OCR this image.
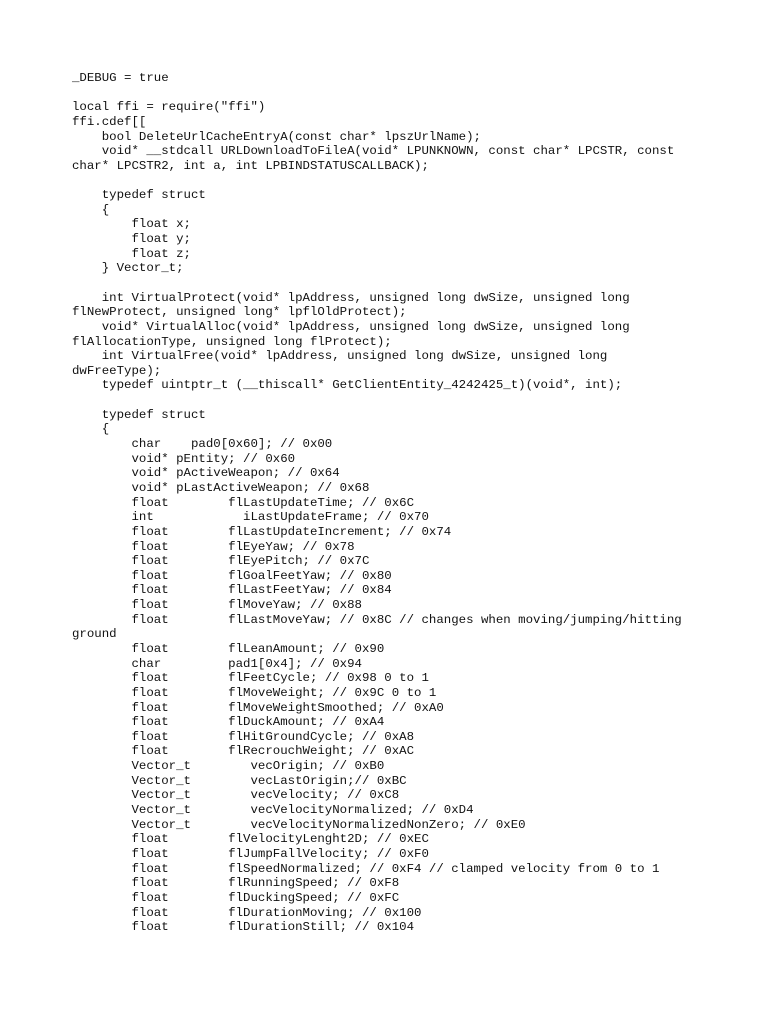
_DEBUG = true
local ffi = require("ffi")
ffi.cdef[[
bool DeleteUrlCacheEntryA(const char* lpszUrlName);
void* __stdcall URLDownloadToFileA(void* LPUNKNOWN, const char* LPCSTR, const
char* LPCSTR2, int a, int LPBINDSTATUSCALLBACK);
typedef struct
{
float x;
float y;
float z;
} Vector_t;
int VirtualProtect(void* lpAddress, unsigned long dwSize, unsigned long
flNewProtect, unsigned long* lpflOldProtect);
void* VirtualAlloc(void* lpAddress, unsigned long dwSize, unsigned long
flAllocationType, unsigned long flProtect);
int VirtualFree(void* lpAddress, unsigned long dwSize, unsigned long
dwFreeType);
typedef uintptr_t (__thiscall* GetClientEntity_4242425_t)(void*, int);
typedef struct
{
char    pad0[0x60]; // 0x00
void* pEntity; // 0x60
void* pActiveWeapon; // 0x64
void* pLastActiveWeapon; // 0x68
float        flLastUpdateTime; // 0x6C
int            iLastUpdateFrame; // 0x70
float        flLastUpdateIncrement; // 0x74
float        flEyeYaw; // 0x78
float        flEyePitch; // 0x7C
float        flGoalFeetYaw; // 0x80
float        flLastFeetYaw; // 0x84
float        flMoveYaw; // 0x88
float        flLastMoveYaw; // 0x8C // changes when moving/jumping/hitting
ground
float        flLeanAmount; // 0x90
char         pad1[0x4]; // 0x94
float        flFeetCycle; // 0x98 0 to 1
float        flMoveWeight; // 0x9C 0 to 1
float        flMoveWeightSmoothed; // 0xA0
float        flDuckAmount; // 0xA4
float        flHitGroundCycle; // 0xA8
float        flRecrouchWeight; // 0xAC
Vector_t        vecOrigin; // 0xB0
Vector_t        vecLastOrigin;// 0xBC
Vector_t        vecVelocity; // 0xC8
Vector_t        vecVelocityNormalized; // 0xD4
Vector_t        vecVelocityNormalizedNonZero; // 0xE0
float        flVelocityLenght2D; // 0xEC
float        flJumpFallVelocity; // 0xF0
float        flSpeedNormalized; // 0xF4 // clamped velocity from 0 to 1
float        flRunningSpeed; // 0xF8
float        flDuckingSpeed; // 0xFC
float        flDurationMoving; // 0x100
float        flDurationStill; // 0x104
